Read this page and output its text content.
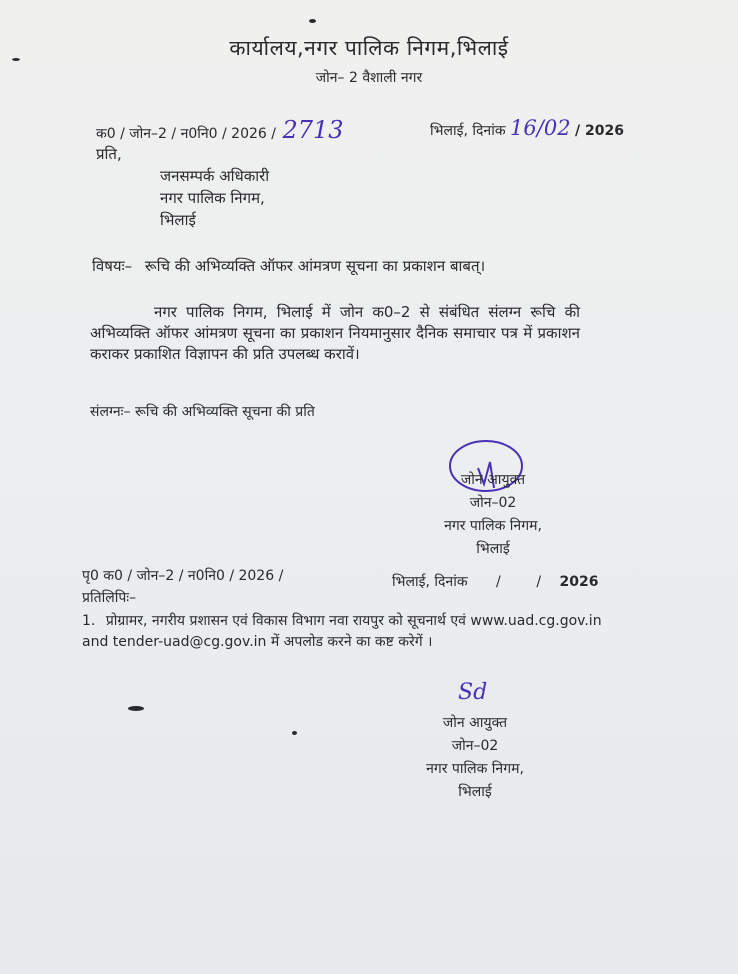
कार्यालय,नगर पालिक निगम,भिलाई
जोन– 2 वैशाली नगर
क0 / जोन–2 / न0नि0 / 2026 / 2713	भिलाई, दिनांक 16/02 / 2026
प्रति,
जनसम्पर्क अधिकारी
नगर पालिक निगम,
भिलाई
विषयः– रूचि की अभिव्यक्ति ऑफर आंमत्रण सूचना का प्रकाशन बाबत्।
नगर पालिक निगम, भिलाई में जोन क0–2 से संबंधित संलग्न रूचि की अभिव्यक्ति ऑफर आंमत्रण सूचना का प्रकाशन नियमानुसार दैनिक समाचार पत्र में प्रकाशन कराकर प्रकाशित विज्ञापन की प्रति उपलब्ध करावें।
संलग्नः– रूचि की अभिव्यक्ति सूचना की प्रति
जोन आयुक्त
जोन–02
नगर पालिक निगम,
भिलाई
पृ0 क0 / जोन–2 / न0नि0 / 2026 /	भिलाई, दिनांक /        / 2026
प्रतिलिपिः–
1. प्रोग्रामर, नगरीय प्रशासन एवं विकास विभाग नवा रायपुर को सूचनार्थ एवं www.uad.cg.gov.in and tender-uad@cg.gov.in में अपलोड करने का कष्ट करेगें ।
Sd
जोन आयुक्त
जोन–02
नगर पालिक निगम,
भिलाई
